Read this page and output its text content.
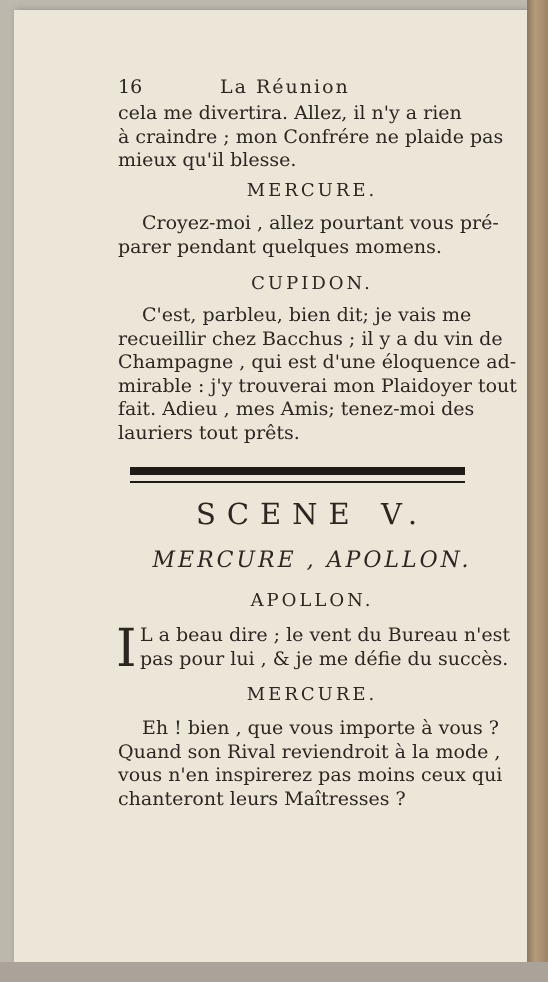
16	La Réunion
cela me divertira. Allez, il n'y a rien
à craindre ; mon Confrére ne plaide pas
mieux qu'il blesse.
MERCURE.
Croyez-moi , allez pourtant vous pré-
parer pendant quelques momens.
CUPIDON.
C'est, parbleu, bien dit; je vais me
recueillir chez Bacchus ; il y a du vin de
Champagne , qui est d'une éloquence ad-
mirable : j'y trouverai mon Plaidoyer tout
fait. Adieu , mes Amis; tenez-moi des
lauriers tout prêts.
SCENE V.
MERCURE , APOLLON.
APOLLON.
I L a beau dire ; le vent du Bureau n'est
pas pour lui , & je me défie du succès.
MERCURE.
Eh ! bien , que vous importe à vous ?
Quand son Rival reviendroit à la mode ,
vous n'en inspirerez pas moins ceux qui
chanteront leurs Maîtresses ?
